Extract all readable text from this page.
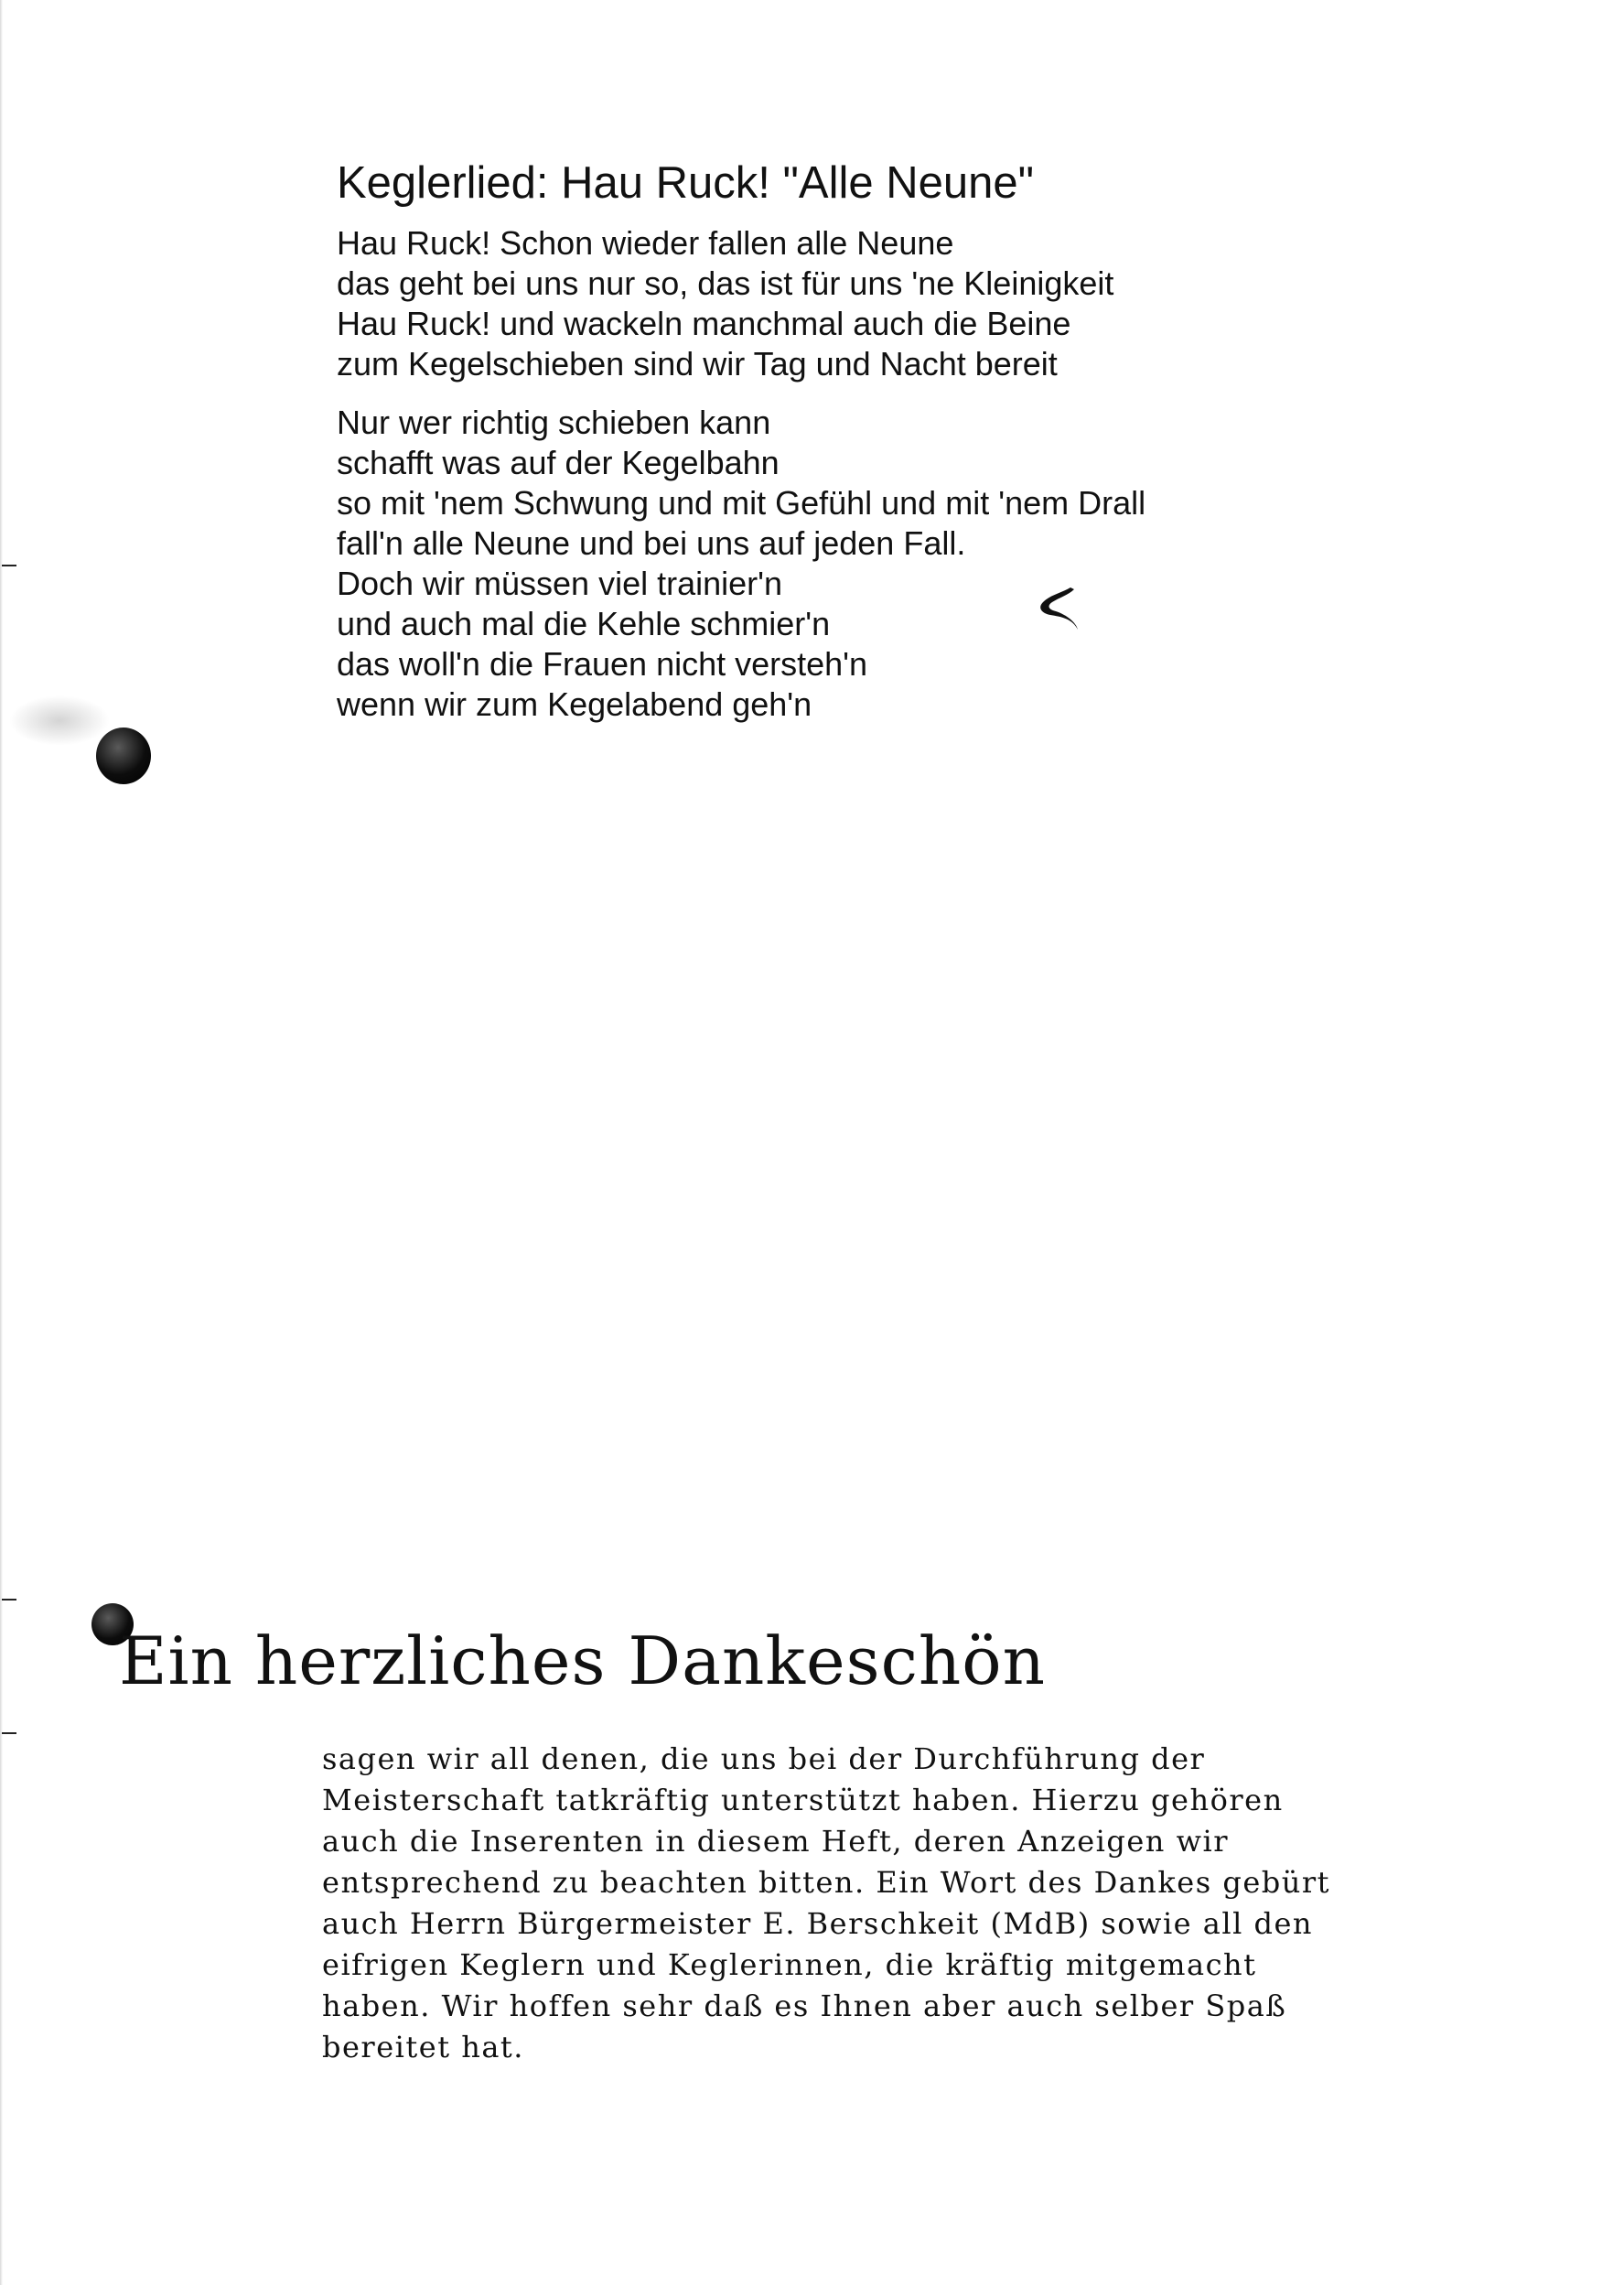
Keglerlied: Hau Ruck! "Alle Neune"
Hau Ruck! Schon wieder fallen alle Neune
das geht bei uns nur so, das ist für uns 'ne Kleinigkeit
Hau Ruck! und wackeln manchmal auch die Beine
zum Kegelschieben sind wir Tag und Nacht bereit
Nur wer richtig schieben kann
schafft was auf der Kegelbahn
so mit 'nem Schwung und mit Gefühl und mit 'nem Drall
fall'n alle Neune und bei uns auf jeden Fall.
Doch wir müssen viel trainier'n
und auch mal die Kehle schmier'n
das woll'n die Frauen nicht versteh'n
wenn wir zum Kegelabend geh'n
Ein herzliches Dankeschön
sagen wir all denen, die uns bei der Durchführung der
Meisterschaft tatkräftig unterstützt haben. Hierzu gehören
auch die Inserenten in diesem Heft, deren Anzeigen wir
entsprechend zu beachten bitten. Ein Wort des Dankes gebürt
auch Herrn Bürgermeister E. Berschkeit (MdB) sowie all den
eifrigen Keglern und Keglerinnen, die kräftig mitgemacht
haben. Wir hoffen sehr daß es Ihnen aber auch selber Spaß
bereitet hat.
